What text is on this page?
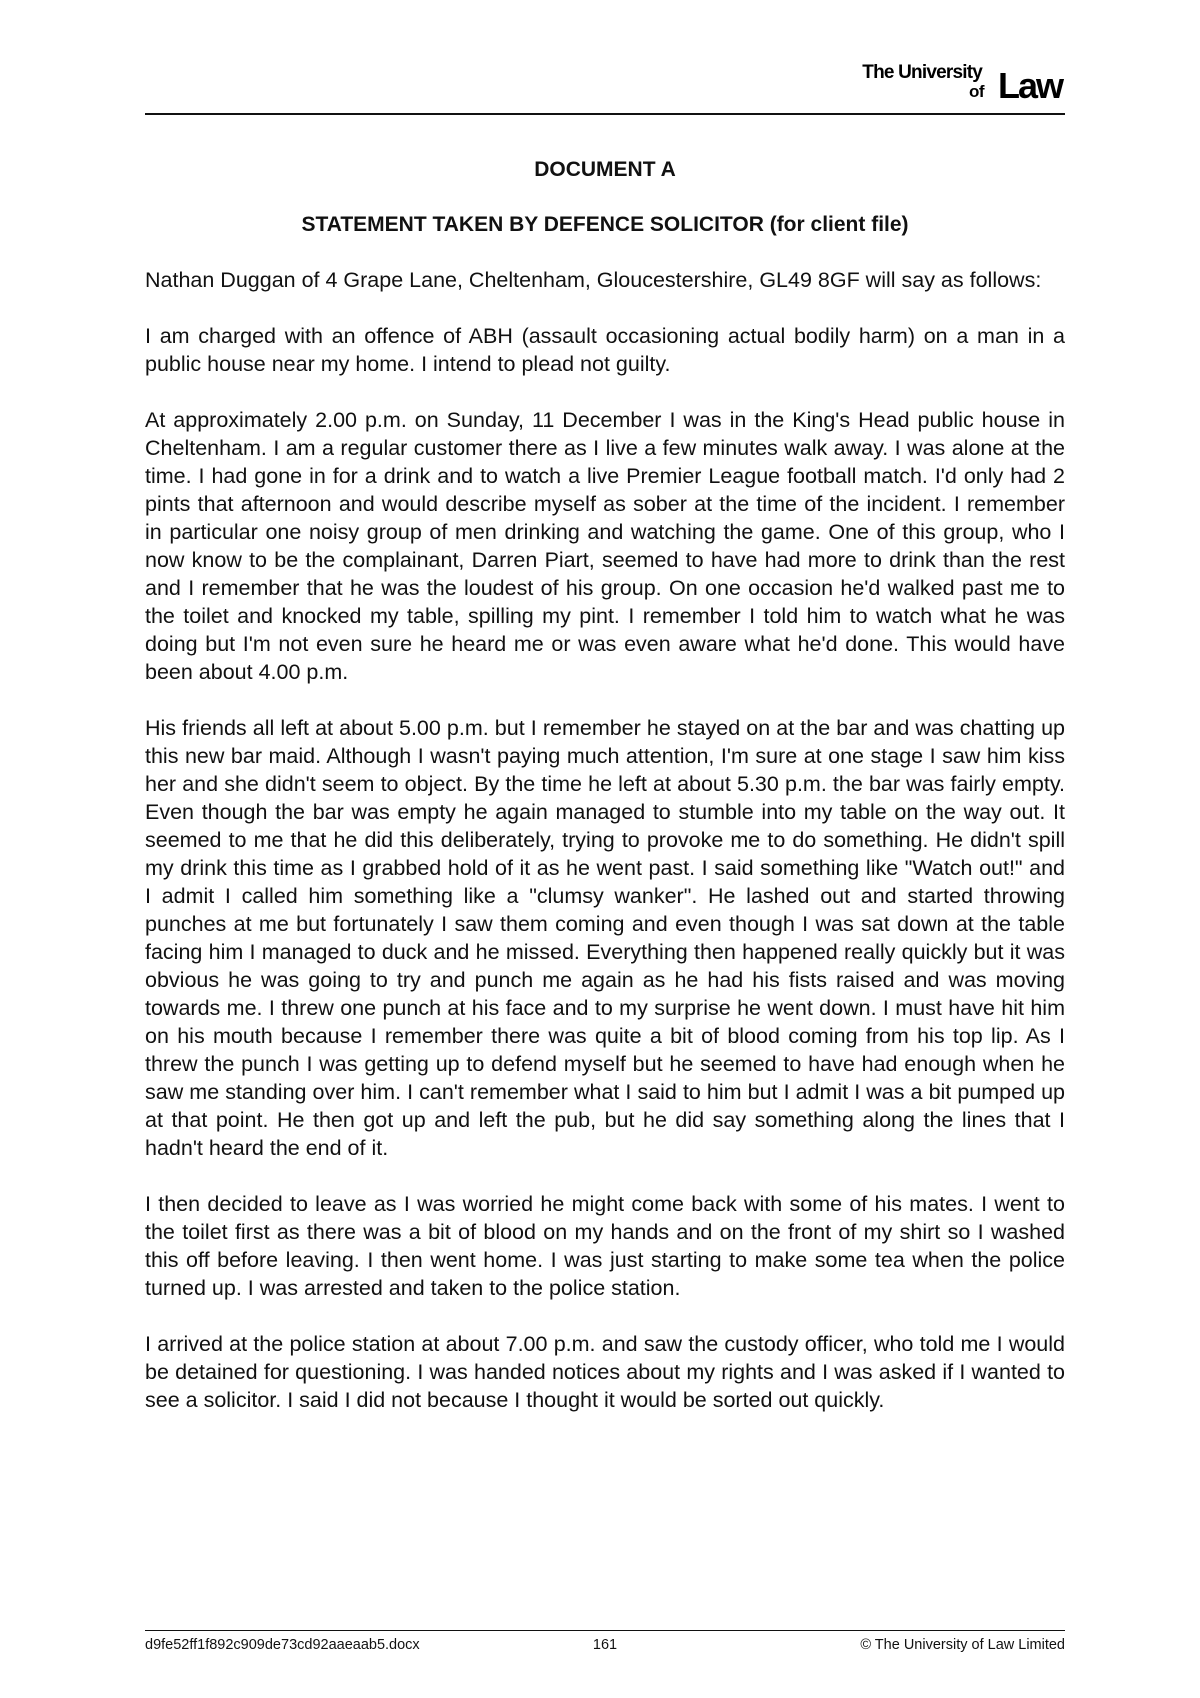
The University
of Law
DOCUMENT A
STATEMENT TAKEN BY DEFENCE SOLICITOR (for client file)

Nathan Duggan of 4 Grape Lane, Cheltenham, Gloucestershire, GL49 8GF will say as follows:

I am charged with an offence of ABH (assault occasioning actual bodily harm) on a man in a public house near my home. I intend to plead not guilty.

At approximately 2.00 p.m. on Sunday, 11 December I was in the King's Head public house in Cheltenham. I am a regular customer there as I live a few minutes walk away. I was alone at the time. I had gone in for a drink and to watch a live Premier League football match. I'd only had 2 pints that afternoon and would describe myself as sober at the time of the incident. I remember in particular one noisy group of men drinking and watching the game. One of this group, who I now know to be the complainant, Darren Piart, seemed to have had more to drink than the rest and I remember that he was the loudest of his group. On one occasion he'd walked past me to the toilet and knocked my table, spilling my pint. I remember I told him to watch what he was doing but I'm not even sure he heard me or was even aware what he'd done. This would have been about 4.00 p.m.

His friends all left at about 5.00 p.m. but I remember he stayed on at the bar and was chatting up this new bar maid. Although I wasn't paying much attention, I'm sure at one stage I saw him kiss her and she didn't seem to object. By the time he left at about 5.30 p.m. the bar was fairly empty. Even though the bar was empty he again managed to stumble into my table on the way out. It seemed to me that he did this deliberately, trying to provoke me to do something. He didn't spill my drink this time as I grabbed hold of it as he went past. I said something like "Watch out!" and I admit I called him something like a "clumsy wanker". He lashed out and started throwing punches at me but fortunately I saw them coming and even though I was sat down at the table facing him I managed to duck and he missed. Everything then happened really quickly but it was obvious he was going to try and punch me again as he had his fists raised and was moving towards me. I threw one punch at his face and to my surprise he went down. I must have hit him on his mouth because I remember there was quite a bit of blood coming from his top lip. As I threw the punch I was getting up to defend myself but he seemed to have had enough when he saw me standing over him. I can't remember what I said to him but I admit I was a bit pumped up at that point. He then got up and left the pub, but he did say something along the lines that I hadn't heard the end of it.

I then decided to leave as I was worried he might come back with some of his mates. I went to the toilet first as there was a bit of blood on my hands and on the front of my shirt so I washed this off before leaving. I then went home. I was just starting to make some tea when the police turned up. I was arrested and taken to the police station.

I arrived at the police station at about 7.00 p.m. and saw the custody officer, who told me I would be detained for questioning. I was handed notices about my rights and I was asked if I wanted to see a solicitor. I said I did not because I thought it would be sorted out quickly.

d9fe52ff1f892c909de73cd92aaeaab5.docx	161	© The University of Law Limited
